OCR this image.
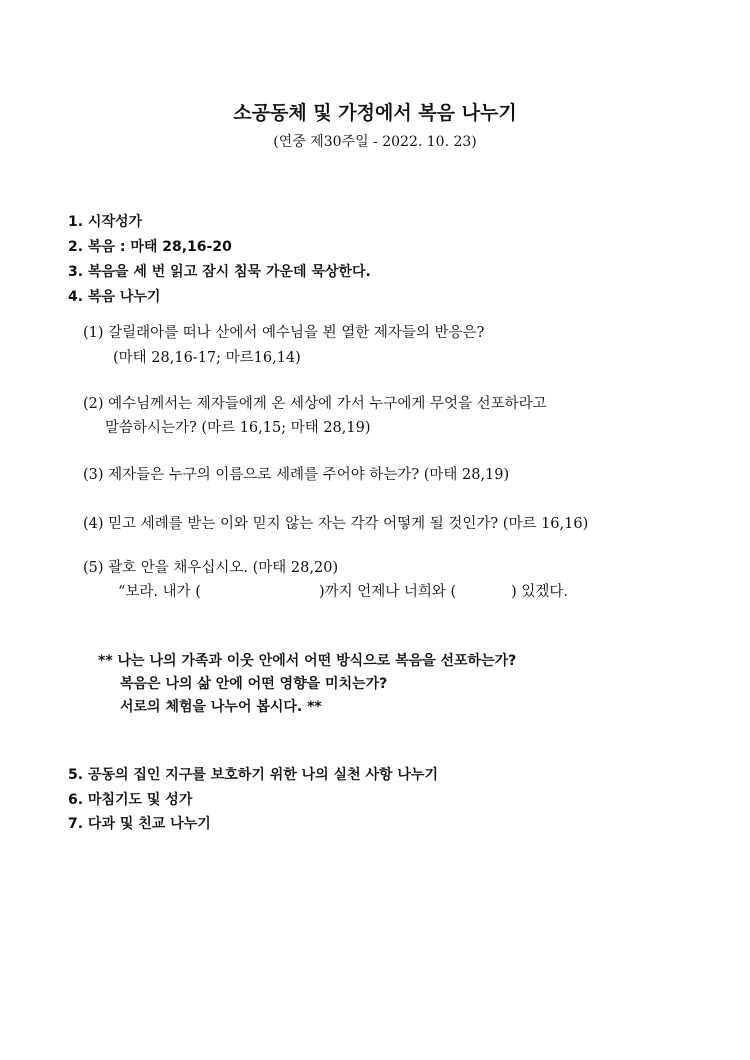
소공동체 및 가정에서 복음 나누기
(연중 제30주일 - 2022. 10. 23)
1. 시작성가
2. 복음 : 마태 28,16-20
3. 복음을 세 번 읽고 잠시 침묵 가운데 묵상한다.
4. 복음 나누기
(1) 갈릴래아를 떠나 산에서 예수님을 뵌 열한 제자들의 반응은?
(마태 28,16-17; 마르16,14)
(2) 예수님께서는 제자들에게 온 세상에 가서 누구에게 무엇을 선포하라고
말씀하시는가? (마르 16,15; 마태 28,19)
(3) 제자들은 누구의 이름으로 세례를 주어야 하는가? (마태 28,19)
(4) 믿고 세례를 받는 이와 믿지 않는 자는 각각 어떻게 될 것인가? (마르 16,16)
(5) 괄호 안을 채우십시오. (마태 28,20)
“보라. 내가 (	)까지 언제나 너희와 (	) 있겠다.
** 나는 나의 가족과 이웃 안에서 어떤 방식으로 복음을 선포하는가?
복음은 나의 삶 안에 어떤 영향을 미치는가?
서로의 체험을 나누어 봅시다. **
5. 공동의 집인 지구를 보호하기 위한 나의 실천 사항 나누기
6. 마침기도 및 성가
7. 다과 및 친교 나누기
